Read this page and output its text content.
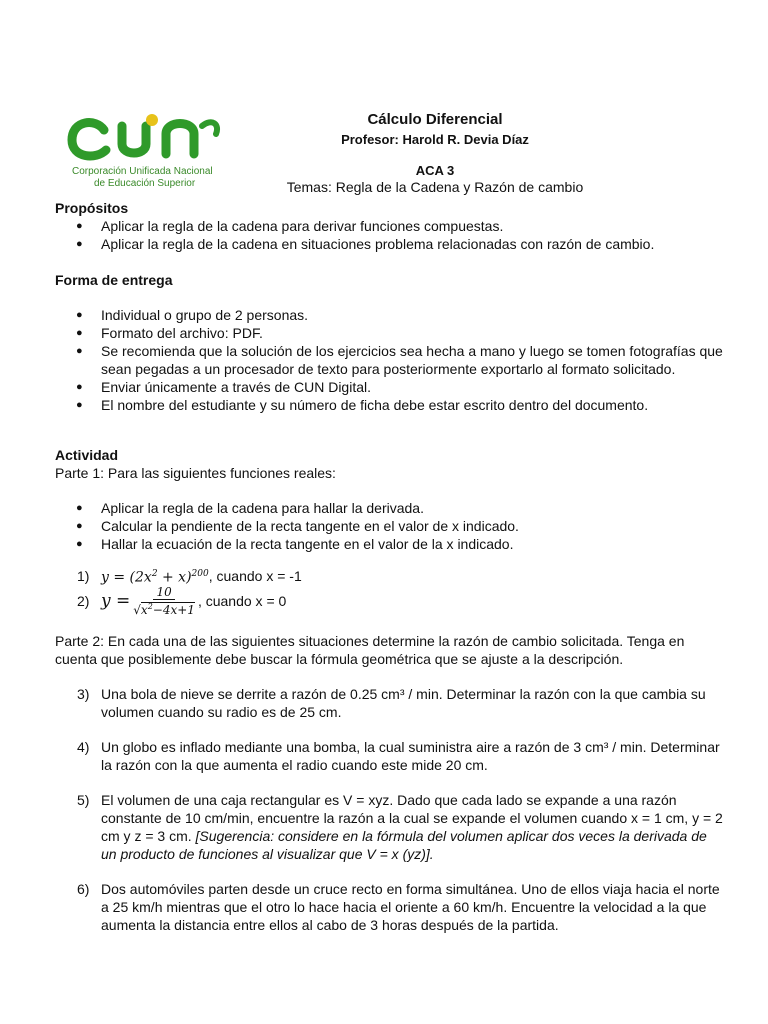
Corporación Unificada Nacional
de Educación Superior
Cálculo Diferencial
Profesor: Harold R. Devia Díaz
ACA 3
Temas: Regla de la Cadena y Razón de cambio

Propósitos

● Aplicar la regla de la cadena para derivar funciones compuestas.
● Aplicar la regla de la cadena en situaciones problema relacionadas con razón de cambio.

Forma de entrega

● Individual o grupo de 2 personas.
● Formato del archivo: PDF.
● Se recomienda que la solución de los ejercicios sea hecha a mano y luego se tomen fotografías que sean pegadas a un procesador de texto para posteriormente exportarlo al formato solicitado.
● Enviar únicamente a través de CUN Digital.
● El nombre del estudiante y su número de ficha debe estar escrito dentro del documento.

Actividad

Parte 1: Para las siguientes funciones reales:

● Aplicar la regla de la cadena para hallar la derivada.
● Calcular la pendiente de la recta tangente en el valor de x indicado.
● Hallar la ecuación de la recta tangente en el valor de la x indicado.
1) $y = (2x^2 + x)^{200}$ , cuando x = -1
2) $y = \frac{10}{√x^2-4x+1}$ , cuando x = 0

Parte 2: En cada una de las siguientes situaciones determine la razón de cambio solicitada. Tenga en cuenta que posiblemente debe buscar la fórmula geométrica que se ajuste a la descripción.

3) Una bola de nieve se derrite a razón de 0.25 cm³ / min. Determinar la razón con la que cambia su volumen cuando su radio es de 25 cm.
4) Un globo es inflado mediante una bomba, la cual suministra aire a razón de 3 cm³ / min. Determinar la razón con la que aumenta el radio cuando este mide 20 cm.
5) El volumen de una caja rectangular es V = xyz. Dado que cada lado se expande a una razón constante de 10 cm/min, encuentre la razón a la cual se expande el volumen cuando x = 1 cm, y = 2 cm y z = 3 cm. [Sugerencia: considere en la fórmula del volumen aplicar dos veces la derivada de un producto de funciones al visualizar que V = x (yz)].
6) Dos automóviles parten desde un cruce recto en forma simultánea. Uno de ellos viaja hacia el norte a 25 km/h mientras que el otro lo hace hacia el oriente a 60 km/h. Encuentre la velocidad a la que aumenta la distancia entre ellos al cabo de 3 horas después de la partida.
